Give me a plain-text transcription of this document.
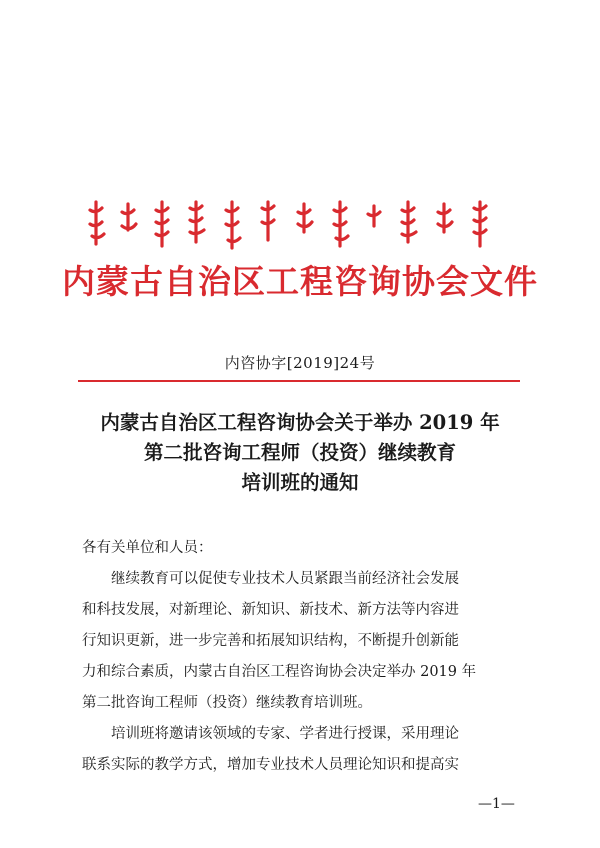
内蒙古自治区工程咨询协会文件
内咨协字[2019]24号
内蒙古自治区工程咨询协会关于举办 2019 年
第二批咨询工程师（投资）继续教育
培训班的通知
各有关单位和人员：

继续教育可以促使专业技术人员紧跟当前经济社会发展
和科技发展，对新理论、新知识、新技术、新方法等内容进
行知识更新，进一步完善和拓展知识结构，不断提升创新能
力和综合素质，内蒙古自治区工程咨询协会决定举办 2019 年
第二批咨询工程师（投资）继续教育培训班。

培训班将邀请该领域的专家、学者进行授课，采用理论
联系实际的教学方式，增加专业技术人员理论知识和提高实

—1—
